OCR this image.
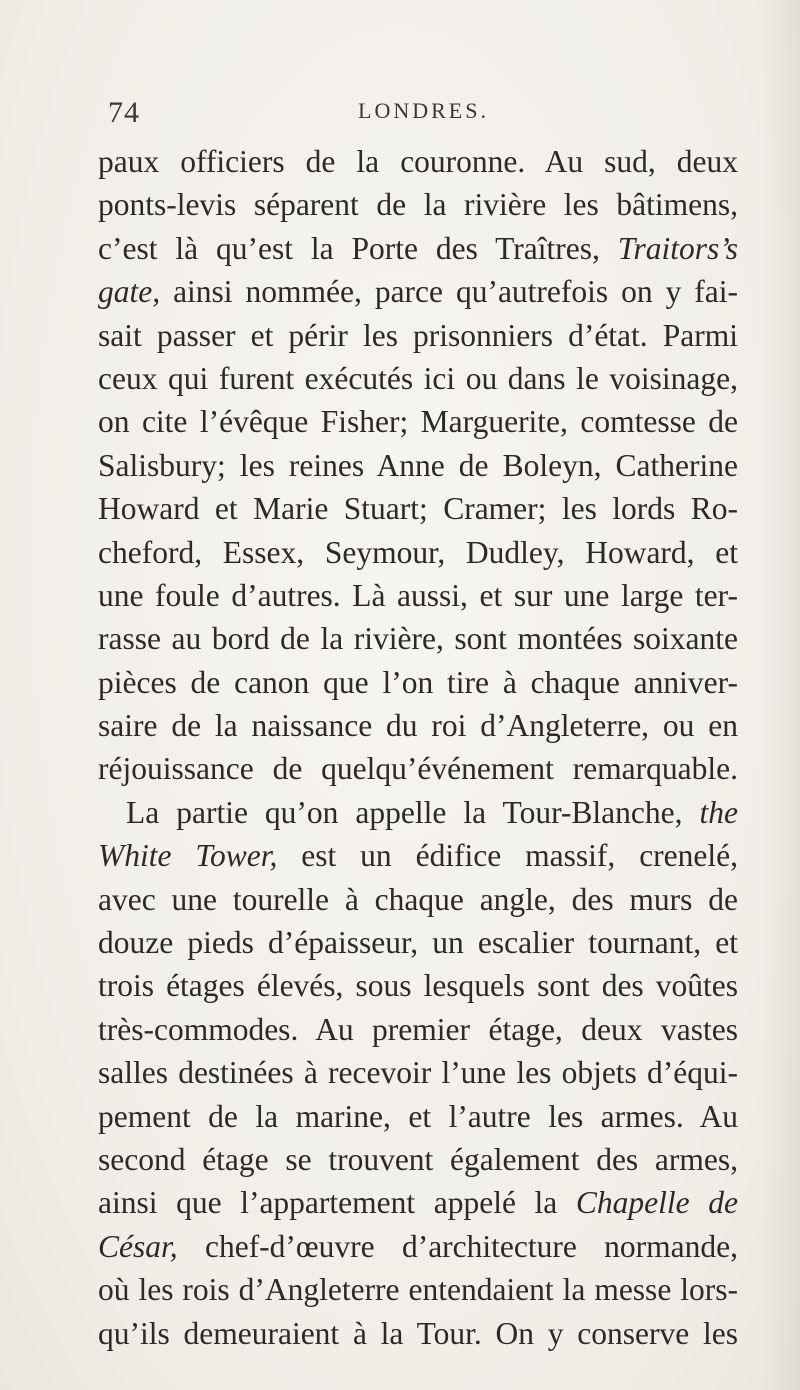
74	LONDRES.
paux officiers de la couronne. Au sud, deux
ponts-levis séparent de la rivière les bâtimens,
c’est là qu’est la Porte des Traîtres, Traitors’s
gate, ainsi nommée, parce qu’autrefois on y fai-
sait passer et périr les prisonniers d’état. Parmi
ceux qui furent exécutés ici ou dans le voisinage,
on cite l’évêque Fisher; Marguerite, comtesse de
Salisbury; les reines Anne de Boleyn, Catherine
Howard et Marie Stuart; Cramer; les lords Ro-
cheford, Essex, Seymour, Dudley, Howard, et
une foule d’autres. Là aussi, et sur une large ter-
rasse au bord de la rivière, sont montées soixante
pièces de canon que l’on tire à chaque anniver-
saire de la naissance du roi d’Angleterre, ou en
réjouissance de quelqu’événement remarquable.
La partie qu’on appelle la Tour-Blanche, the
White Tower, est un édifice massif, crenelé,
avec une tourelle à chaque angle, des murs de
douze pieds d’épaisseur, un escalier tournant, et
trois étages élevés, sous lesquels sont des voûtes
très-commodes. Au premier étage, deux vastes
salles destinées à recevoir l’une les objets d’équi-
pement de la marine, et l’autre les armes. Au
second étage se trouvent également des armes,
ainsi que l’appartement appelé la Chapelle de
César, chef-d’œuvre d’architecture normande,
où les rois d’Angleterre entendaient la messe lors-
qu’ils demeuraient à la Tour. On y conserve les
